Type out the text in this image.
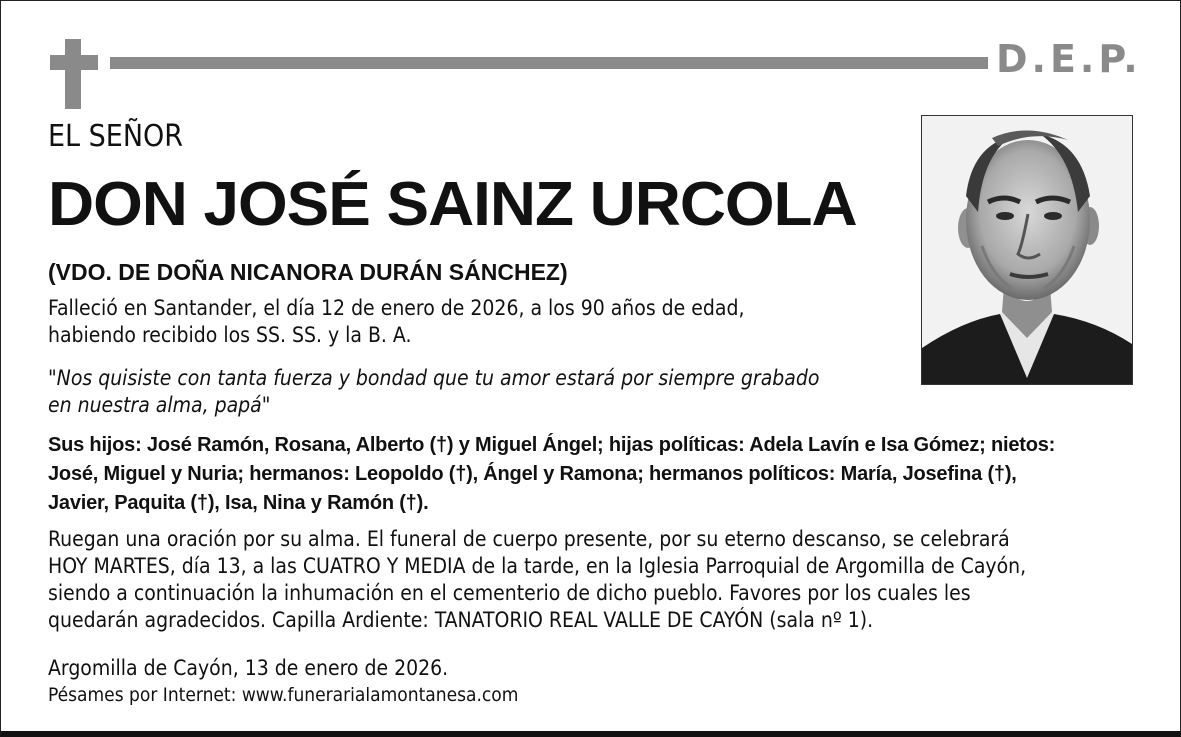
D.E.P.
EL SEÑOR
DON JOSÉ SAINZ URCOLA
(VDO. DE DOÑA NICANORA DURÁN SÁNCHEZ)
Falleció en Santander, el día 12 de enero de 2026, a los 90 años de edad,
habiendo recibido los SS. SS. y la B. A.
"Nos quisiste con tanta fuerza y bondad que tu amor estará por siempre grabado
en nuestra alma, papá"
Sus hijos: José Ramón, Rosana, Alberto (†) y Miguel Ángel; hijas políticas: Adela Lavín e Isa Gómez; nietos:
José, Miguel y Nuria; hermanos: Leopoldo (†), Ángel y Ramona; hermanos políticos: María, Josefina (†),
Javier, Paquita (†), Isa, Nina y Ramón (†).
Ruegan una oración por su alma. El funeral de cuerpo presente, por su eterno descanso, se celebrará
HOY MARTES, día 13, a las CUATRO Y MEDIA de la tarde, en la Iglesia Parroquial de Argomilla de Cayón,
siendo a continuación la inhumación en el cementerio de dicho pueblo. Favores por los cuales les
quedarán agradecidos. Capilla Ardiente: TANATORIO REAL VALLE DE CAYÓN (sala nº 1).
Argomilla de Cayón, 13 de enero de 2026.
Pésames por Internet: www.funerarialamontanesa.com
